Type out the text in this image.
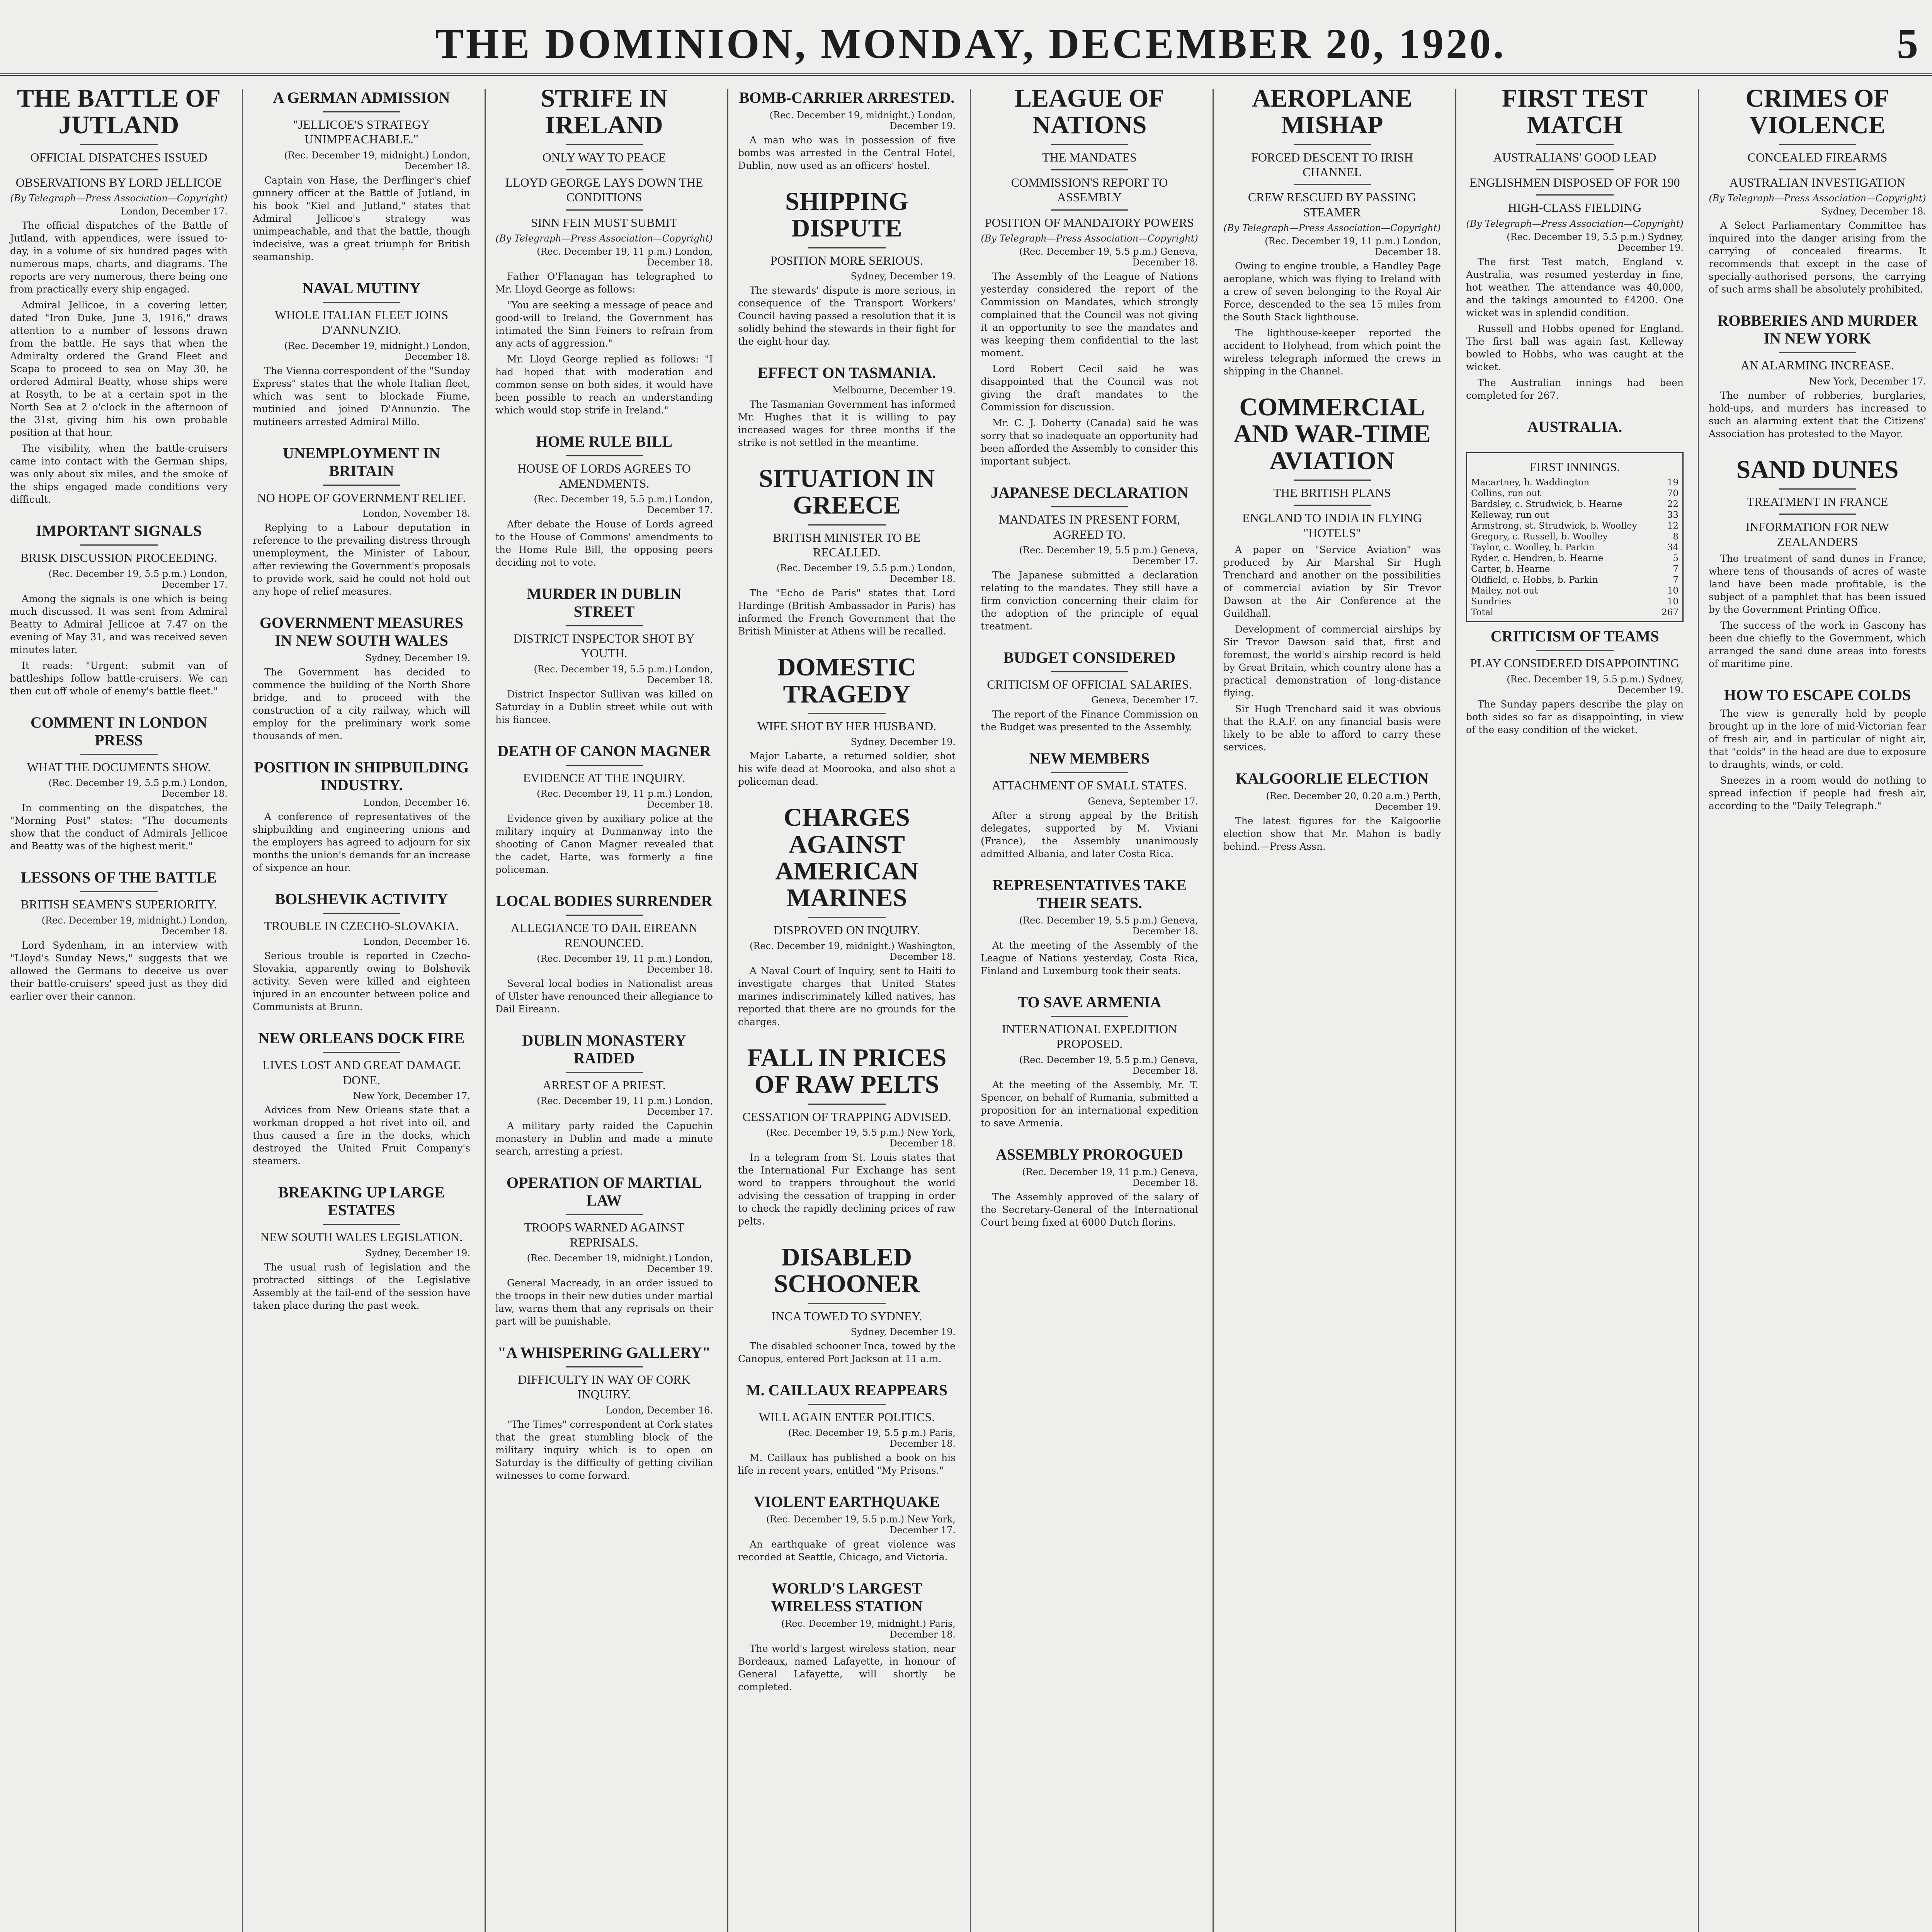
THE DOMINION, MONDAY, DECEMBER 20, 1920.	5
THE BATTLE OF JUTLAND
OFFICIAL DISPATCHES ISSUED
OBSERVATIONS BY LORD JELLICOE
(By Telegraph—Press Association—Copyright)
London, December 17.

The official dispatches of the Battle of Jutland, with appendices, were issued to-day, in a volume of six hundred pages with numerous maps, charts, and diagrams. The reports are very numerous, there being one from practically every ship engaged.

Admiral Jellicoe, in a covering letter, dated "Iron Duke, June 3, 1916," draws attention to a number of lessons drawn from the battle. He says that when the Admiralty ordered the Grand Fleet and Scapa to proceed to sea on May 30, he ordered Admiral Beatty, whose ships were at Rosyth, to be at a certain spot in the North Sea at 2 o'clock in the afternoon of the 31st, giving him his own probable position at that hour.

The visibility, when the battle-cruisers came into contact with the German ships, was only about six miles, and the smoke of the ships engaged made conditions very difficult.

IMPORTANT SIGNALS
BRISK DISCUSSION PROCEEDING.
(Rec. December 19, 5.5 p.m.) London, December 17.

Among the signals is one which is being much discussed. It was sent from Admiral Beatty to Admiral Jellicoe at 7.47 on the evening of May 31, and was received seven minutes later.

It reads: "Urgent: submit van of battleships follow battle-cruisers. We can then cut off whole of enemy's battle fleet."

COMMENT IN LONDON PRESS
WHAT THE DOCUMENTS SHOW.
(Rec. December 19, 5.5 p.m.) London, December 18.

In commenting on the dispatches, the "Morning Post" states: "The documents show that the conduct of Admirals Jellicoe and Beatty was of the highest merit."

LESSONS OF THE BATTLE
BRITISH SEAMEN'S SUPERIORITY.
(Rec. December 19, midnight.) London, December 18.

Lord Sydenham, in an interview with "Lloyd's Sunday News," suggests that we allowed the Germans to deceive us over their battle-cruisers' speed just as they did earlier over their cannon.

A GERMAN ADMISSION
"JELLICOE'S STRATEGY UNIMPEACHABLE."
(Rec. December 19, midnight.) London, December 18.

Captain von Hase, the Derflinger's chief gunnery officer at the Battle of Jutland, in his book "Kiel and Jutland," states that Admiral Jellicoe's strategy was unimpeachable, and that the battle, though indecisive, was a great triumph for British seamanship.

NAVAL MUTINY
WHOLE ITALIAN FLEET JOINS D'ANNUNZIO.
(Rec. December 19, midnight.) London, December 18.

The Vienna correspondent of the "Sunday Express" states that the whole Italian fleet, which was sent to blockade Fiume, mutinied and joined D'Annunzio. The mutineers arrested Admiral Millo.

UNEMPLOYMENT IN BRITAIN
NO HOPE OF GOVERNMENT RELIEF.
London, November 18.

Replying to a Labour deputation in reference to the prevailing distress through unemployment, the Minister of Labour, after reviewing the Government's proposals to provide work, said he could not hold out any hope of relief measures.

GOVERNMENT MEASURES IN NEW SOUTH WALES
Sydney, December 19.

The Government has decided to commence the building of the North Shore bridge, and to proceed with the construction of a city railway, which will employ for the preliminary work some thousands of men.

POSITION IN SHIPBUILDING INDUSTRY.
London, December 16.

A conference of representatives of the shipbuilding and engineering unions and the employers has agreed to adjourn for six months the union's demands for an increase of sixpence an hour.

BOLSHEVIK ACTIVITY
TROUBLE IN CZECHO-SLOVAKIA.
London, December 16.

Serious trouble is reported in Czecho-Slovakia, apparently owing to Bolshevik activity. Seven were killed and eighteen injured in an encounter between police and Communists at Brunn.

NEW ORLEANS DOCK FIRE
LIVES LOST AND GREAT DAMAGE DONE.
New York, December 17.

Advices from New Orleans state that a workman dropped a hot rivet into oil, and thus caused a fire in the docks, which destroyed the United Fruit Company's steamers.

BREAKING UP LARGE ESTATES
NEW SOUTH WALES LEGISLATION.
Sydney, December 19.

The usual rush of legislation and the protracted sittings of the Legislative Assembly at the tail-end of the session have taken place during the past week.

STRIFE IN IRELAND
ONLY WAY TO PEACE
LLOYD GEORGE LAYS DOWN THE CONDITIONS
SINN FEIN MUST SUBMIT
(By Telegraph—Press Association—Copyright)
(Rec. December 19, 11 p.m.) London, December 18.

Father O'Flanagan has telegraphed to Mr. Lloyd George as follows:

"You are seeking a message of peace and good-will to Ireland, the Government has intimated the Sinn Feiners to refrain from any acts of aggression."

Mr. Lloyd George replied as follows: "I had hoped that with moderation and common sense on both sides, it would have been possible to reach an understanding which would stop strife in Ireland."

HOME RULE BILL
HOUSE OF LORDS AGREES TO AMENDMENTS.
(Rec. December 19, 5.5 p.m.) London, December 17.

After debate the House of Lords agreed to the House of Commons' amendments to the Home Rule Bill, the opposing peers deciding not to vote.

MURDER IN DUBLIN STREET
DISTRICT INSPECTOR SHOT BY YOUTH.
(Rec. December 19, 5.5 p.m.) London, December 18.

District Inspector Sullivan was killed on Saturday in a Dublin street while out with his fiancee.

DEATH OF CANON MAGNER
EVIDENCE AT THE INQUIRY.
(Rec. December 19, 11 p.m.) London, December 18.

Evidence given by auxiliary police at the military inquiry at Dunmanway into the shooting of Canon Magner revealed that the cadet, Harte, was formerly a fine policeman.

LOCAL BODIES SURRENDER
ALLEGIANCE TO DAIL EIREANN RENOUNCED.
(Rec. December 19, 11 p.m.) London, December 18.

Several local bodies in Nationalist areas of Ulster have renounced their allegiance to Dail Eireann.

DUBLIN MONASTERY RAIDED
ARREST OF A PRIEST.
(Rec. December 19, 11 p.m.) London, December 17.

A military party raided the Capuchin monastery in Dublin and made a minute search, arresting a priest.

OPERATION OF MARTIAL LAW
TROOPS WARNED AGAINST REPRISALS.
(Rec. December 19, midnight.) London, December 19.

General Macready, in an order issued to the troops in their new duties under martial law, warns them that any reprisals on their part will be punishable.

"A WHISPERING GALLERY"
DIFFICULTY IN WAY OF CORK INQUIRY.
London, December 16.

"The Times" correspondent at Cork states that the great stumbling block of the military inquiry which is to open on Saturday is the difficulty of getting civilian witnesses to come forward.

BOMB-CARRIER ARRESTED.
(Rec. December 19, midnight.) London, December 19.

A man who was in possession of five bombs was arrested in the Central Hotel, Dublin, now used as an officers' hostel.

SHIPPING DISPUTE
POSITION MORE SERIOUS.
Sydney, December 19.

The stewards' dispute is more serious, in consequence of the Transport Workers' Council having passed a resolution that it is solidly behind the stewards in their fight for the eight-hour day.

EFFECT ON TASMANIA.
Melbourne, December 19.

The Tasmanian Government has informed Mr. Hughes that it is willing to pay increased wages for three months if the strike is not settled in the meantime.

SITUATION IN GREECE
BRITISH MINISTER TO BE RECALLED.
(Rec. December 19, 5.5 p.m.) London, December 18.

The "Echo de Paris" states that Lord Hardinge (British Ambassador in Paris) has informed the French Government that the British Minister at Athens will be recalled.

DOMESTIC TRAGEDY
WIFE SHOT BY HER HUSBAND.
Sydney, December 19.

Major Labarte, a returned soldier, shot his wife dead at Moorooka, and also shot a policeman dead.

CHARGES AGAINST AMERICAN MARINES
DISPROVED ON INQUIRY.
(Rec. December 19, midnight.) Washington, December 18.

A Naval Court of Inquiry, sent to Haiti to investigate charges that United States marines indiscriminately killed natives, has reported that there are no grounds for the charges.

FALL IN PRICES OF RAW PELTS
CESSATION OF TRAPPING ADVISED.
(Rec. December 19, 5.5 p.m.) New York, December 18.

In a telegram from St. Louis states that the International Fur Exchange has sent word to trappers throughout the world advising the cessation of trapping in order to check the rapidly declining prices of raw pelts.

DISABLED SCHOONER
INCA TOWED TO SYDNEY.
Sydney, December 19.

The disabled schooner Inca, towed by the Canopus, entered Port Jackson at 11 a.m.

M. CAILLAUX REAPPEARS
WILL AGAIN ENTER POLITICS.
(Rec. December 19, 5.5 p.m.) Paris, December 18.

M. Caillaux has published a book on his life in recent years, entitled "My Prisons."

VIOLENT EARTHQUAKE
(Rec. December 19, 5.5 p.m.) New York, December 17.

An earthquake of great violence was recorded at Seattle, Chicago, and Victoria.

WORLD'S LARGEST WIRELESS STATION
(Rec. December 19, midnight.) Paris, December 18.

The world's largest wireless station, near Bordeaux, named Lafayette, in honour of General Lafayette, will shortly be completed.

LEAGUE OF NATIONS
THE MANDATES
COMMISSION'S REPORT TO ASSEMBLY
POSITION OF MANDATORY POWERS
(By Telegraph—Press Association—Copyright)
(Rec. December 19, 5.5 p.m.) Geneva, December 18.

The Assembly of the League of Nations yesterday considered the report of the Commission on Mandates, which strongly complained that the Council was not giving it an opportunity to see the mandates and was keeping them confidential to the last moment.

Lord Robert Cecil said he was disappointed that the Council was not giving the draft mandates to the Commission for discussion.

Mr. C. J. Doherty (Canada) said he was sorry that so inadequate an opportunity had been afforded the Assembly to consider this important subject.

JAPANESE DECLARATION
MANDATES IN PRESENT FORM, AGREED TO.
(Rec. December 19, 5.5 p.m.) Geneva, December 17.

The Japanese submitted a declaration relating to the mandates. They still have a firm conviction concerning their claim for the adoption of the principle of equal treatment.

BUDGET CONSIDERED
CRITICISM OF OFFICIAL SALARIES.
Geneva, December 17.

The report of the Finance Commission on the Budget was presented to the Assembly.

NEW MEMBERS
ATTACHMENT OF SMALL STATES.
Geneva, September 17.

After a strong appeal by the British delegates, supported by M. Viviani (France), the Assembly unanimously admitted Albania, and later Costa Rica.

REPRESENTATIVES TAKE THEIR SEATS.
(Rec. December 19, 5.5 p.m.) Geneva, December 18.

At the meeting of the Assembly of the League of Nations yesterday, Costa Rica, Finland and Luxemburg took their seats.

TO SAVE ARMENIA
INTERNATIONAL EXPEDITION PROPOSED.
(Rec. December 19, 5.5 p.m.) Geneva, December 18.

At the meeting of the Assembly, Mr. T. Spencer, on behalf of Rumania, submitted a proposition for an international expedition to save Armenia.

ASSEMBLY PROROGUED
(Rec. December 19, 11 p.m.) Geneva, December 18.

The Assembly approved of the salary of the Secretary-General of the International Court being fixed at 6000 Dutch florins.

AEROPLANE MISHAP
FORCED DESCENT TO IRISH CHANNEL
CREW RESCUED BY PASSING STEAMER
(By Telegraph—Press Association—Copyright)
(Rec. December 19, 11 p.m.) London, December 18.

Owing to engine trouble, a Handley Page aeroplane, which was flying to Ireland with a crew of seven belonging to the Royal Air Force, descended to the sea 15 miles from the South Stack lighthouse.

The lighthouse-keeper reported the accident to Holyhead, from which point the wireless telegraph informed the crews in shipping in the Channel.

COMMERCIAL AND WAR-TIME AVIATION
THE BRITISH PLANS
ENGLAND TO INDIA IN FLYING "HOTELS"

A paper on "Service Aviation" was produced by Air Marshal Sir Hugh Trenchard and another on the possibilities of commercial aviation by Sir Trevor Dawson at the Air Conference at the Guildhall.

Development of commercial airships by Sir Trevor Dawson said that, first and foremost, the world's airship record is held by Great Britain, which country alone has a practical demonstration of long-distance flying.

Sir Hugh Trenchard said it was obvious that the R.A.F. on any financial basis were likely to be able to afford to carry these services.

KALGOORLIE ELECTION
(Rec. December 20, 0.20 a.m.) Perth, December 19.

The latest figures for the Kalgoorlie election show that Mr. Mahon is badly behind.—Press Assn.

FIRST TEST MATCH
AUSTRALIANS' GOOD LEAD
ENGLISHMEN DISPOSED OF FOR 190
HIGH-CLASS FIELDING
(By Telegraph—Press Association—Copyright)
(Rec. December 19, 5.5 p.m.) Sydney, December 19.

The first Test match, England v. Australia, was resumed yesterday in fine, hot weather. The attendance was 40,000, and the takings amounted to £4200. One wicket was in splendid condition.

Russell and Hobbs opened for England. The first ball was again fast. Kelleway bowled to Hobbs, who was caught at the wicket.

The Australian innings had been completed for 267.

AUSTRALIA.
FIRST INNINGS.
Macartney, b. Waddington	19
Collins, run out	70
Bardsley, c. Strudwick, b. Hearne	22
Kelleway, run out	33
Armstrong, st. Strudwick, b. Woolley	12
Gregory, c. Russell, b. Woolley	8
Taylor, c. Woolley, b. Parkin	34
Ryder, c. Hendren, b. Hearne	5
Carter, b. Hearne	7
Oldfield, c. Hobbs, b. Parkin	7
Mailey, not out	10
Sundries	10
Total	267
CRITICISM OF TEAMS
PLAY CONSIDERED DISAPPOINTING
(Rec. December 19, 5.5 p.m.) Sydney, December 19.

The Sunday papers describe the play on both sides so far as disappointing, in view of the easy condition of the wicket.

CRIMES OF VIOLENCE
CONCEALED FIREARMS
AUSTRALIAN INVESTIGATION
(By Telegraph—Press Association—Copyright)
Sydney, December 18.

A Select Parliamentary Committee has inquired into the danger arising from the carrying of concealed firearms. It recommends that except in the case of specially-authorised persons, the carrying of such arms shall be absolutely prohibited.

ROBBERIES AND MURDER IN NEW YORK
AN ALARMING INCREASE.
New York, December 17.

The number of robberies, burglaries, hold-ups, and murders has increased to such an alarming extent that the Citizens' Association has protested to the Mayor.

SAND DUNES
TREATMENT IN FRANCE
INFORMATION FOR NEW ZEALANDERS

The treatment of sand dunes in France, where tens of thousands of acres of waste land have been made profitable, is the subject of a pamphlet that has been issued by the Government Printing Office.

The success of the work in Gascony has been due chiefly to the Government, which arranged the sand dune areas into forests of maritime pine.

HOW TO ESCAPE COLDS

The view is generally held by people brought up in the lore of mid-Victorian fear of fresh air, and in particular of night air, that "colds" in the head are due to exposure to draughts, winds, or cold.

Sneezes in a room would do nothing to spread infection if people had fresh air, according to the "Daily Telegraph."
